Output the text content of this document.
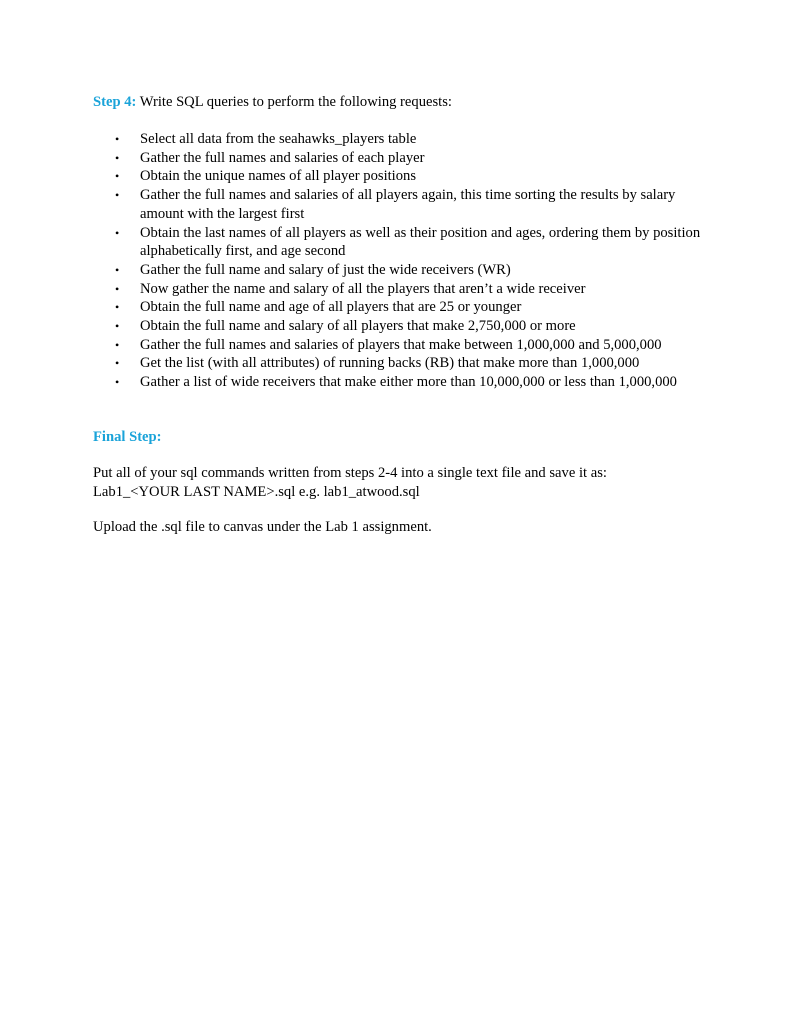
Step 4: Write SQL queries to perform the following requests:

• Select all data from the seahawks_players table
• Gather the full names and salaries of each player
• Obtain the unique names of all player positions
• Gather the full names and salaries of all players again, this time sorting the results by salary amount with the largest first
• Obtain the last names of all players as well as their position and ages, ordering them by position alphabetically first, and age second
• Gather the full name and salary of just the wide receivers (WR)
• Now gather the name and salary of all the players that aren’t a wide receiver
• Obtain the full name and age of all players that are 25 or younger
• Obtain the full name and salary of all players that make 2,750,000 or more
• Gather the full names and salaries of players that make between 1,000,000 and 5,000,000
• Get the list (with all attributes) of running backs (RB) that make more than 1,000,000
• Gather a list of wide receivers that make either more than 10,000,000 or less than 1,000,000

Final Step:

Put all of your sql commands written from steps 2-4 into a single text file and save it as:

Lab1_<YOUR LAST NAME>.sql e.g. lab1_atwood.sql

Upload the .sql file to canvas under the Lab 1 assignment.
